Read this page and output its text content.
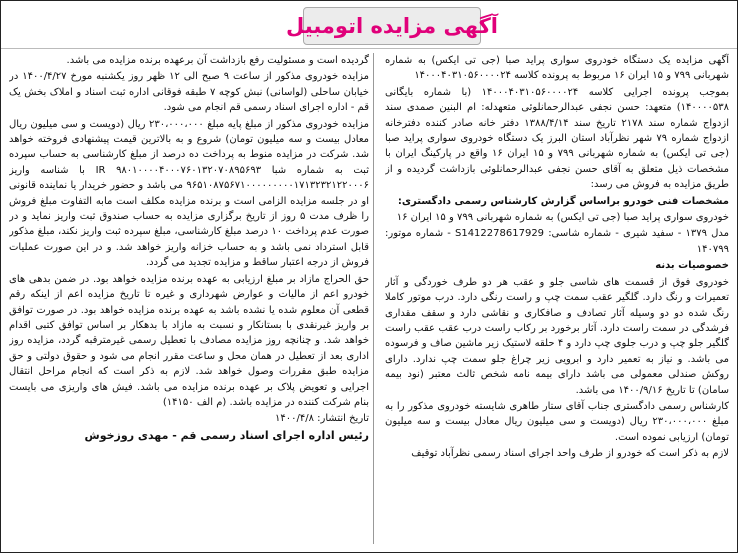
آگهی مزایده اتومبیل

آگهی مزایده یک دستگاه خودروی سواری پراید صبا (جی تی ایکس) به شماره شهربانی ۷۹۹ و ۱۵ ایران ۱۶ مربوط به پرونده کلاسه ۱۴۰۰۰۴۰۳۱۰۵۶۰۰۰۰۲۴

بموجب پرونده اجرایی کلاسه ۱۴۰۰۰۴۰۳۱۰۵۶۰۰۰۰۲۴ (با شماره بایگانی ۱۴۰۰۰۰۵۳۸) متعهد: حسن نجفی عبدالرحمانلوئی متعهدله: ام البنین صمدی سند ازدواج شماره سند ۲۱۷۸ تاریخ سند ۱۳۸۸/۴/۱۴ دفتر خانه صادر کننده دفترخانه ازدواج شماره ۷۹ شهر نظرآباد استان البرز یک دستگاه خودروی سواری پراید صبا (جی تی ایکس) به شماره شهربانی ۷۹۹ و ۱۵ ایران ۱۶ واقع در پارکینگ ایران با مشخصات ذیل متعلق به آقای حسن نجفی عبدالرحمانلوئی بازداشت گردیده و از طریق مزایده به فروش می رسد:

مشخصات فنی خودرو براساس گزارش کارشناس رسمی دادگستری:

خودروی سواری پراید صبا (جی تی ایکس) به شماره شهربانی ۷۹۹ و ۱۵ ایران ۱۶

مدل ۱۳۷۹ - سفید شیری - شماره شاسی: S1412278617929 - شماره موتور: ۱۴۰۷۹۹

خصوصیات بدنه

خودروی فوق از قسمت های شاسی جلو و عقب هر دو طرف خوردگی و آثار تعمیرات و رنگ دارد. گلگیر عقب سمت چپ و راست رنگی دارد. درب موتور کاملا رنگ شده دو دو وسیله آثار تصادف و صافکاری و نقاشی دارد و سقف مقداری فرشدگی در سمت راست دارد. آثار برخورد بر رکاب راست درب عقب عقب راست گلگیر جلو چپ و درب جلوی چپ دارد و ۴ حلقه لاستیک زیر ماشین صاف و فرسوده می باشد. و نیاز به تعمیر دارد و ابرویی زیر چراغ جلو سمت چپ ندارد. دارای روکش صندلی معمولی می باشد دارای بیمه نامه شخص ثالث معتبر (نود بیمه سامان) تا تاریخ ۱۴۰۰/۹/۱۶ می باشد.

کارشناس رسمی دادگستری جناب آقای ستار طاهری شایسته خودروی مذکور را به مبلغ ۲۳۰،۰۰۰،۰۰۰ ریال (دویست و سی میلیون ریال معادل بیست و سه میلیون تومان) ارزیابی نموده است.

لازم به ذکر است که خودرو از طرف واحد اجرای اسناد رسمی نظرآباد توقیف

گردیده است و مسئولیت رفع بازداشت آن برعهده برنده مزایده می باشد.

مزایده خودروی مذکور از ساعت ۹ صبح الی ۱۲ ظهر روز یکشنبه مورخ ۱۴۰۰/۴/۲۷ در خیابان ساحلی (لواسانی) نبش کوچه ۷ طبقه فوقانی اداره ثبت اسناد و املاک بخش یک قم - اداره اجرای اسناد رسمی قم انجام می شود.

مزایده خودروی مذکور از مبلغ پایه مبلغ ۲۳۰،۰۰۰،۰۰۰ ریال (دویست و سی میلیون ریال معادل بیست و سه میلیون تومان) شروع و به بالاترین قیمت پیشنهادی فروخته خواهد شد. شرکت در مزایده منوط به پرداخت ده درصد از مبلغ کارشناسی به حساب سپرده ثبت به شماره شبا IR ۹۸۰۱۰۰۰۰۴۰۰۰۷۶۰۱۳۲۰۷۰۸۹۵۶۹۳ با شناسه واریز ۹۶۵۱۰۸۷۵۶۷۱۰۰۰۰۰۰۰۰۰۱۷۱۳۲۳۲۱۲۲۰۰۰۶ می باشد و حضور خریدار یا نماینده قانونی او در جلسه مزایده الزامی است و برنده مزایده مکلف است مابه التفاوت مبلغ فروش را ظرف مدت ۵ روز از تاریخ برگزاری مزایده به حساب صندوق ثبت واریز نماید و در صورت عدم پرداخت ۱۰ درصد مبلغ کارشناسی، مبلغ سپرده ثبت واریز نکند، مبلغ مذکور قابل استرداد نمی باشد و به حساب خزانه واریز خواهد شد. و در این صورت عملیات فروش از درجه اعتبار ساقط و مزایده تجدید می گردد.

حق الحراج مازاد بر مبلغ ارزیابی به عهده برنده مزایده خواهد بود. در ضمن بدهی های خودرو اعم از مالیات و عوارض شهرداری و غیره تا تاریخ مزایده اعم از اینکه رقم قطعی آن معلوم شده یا نشده باشد به عهده برنده مزایده خواهد بود. در صورت توافق بر واریز غیرنقدی با بستانکار و نسبت به مازاد با بدهکار بر اساس توافق کتبی اقدام خواهد شد. و چنانچه روز مزایده مصادف با تعطیل رسمی غیرمترقبه گردد، مزایده روز اداری بعد از تعطیل در همان محل و ساعت مقرر انجام می شود و حقوق دولتی و حق مزایده طبق مقررات وصول خواهد شد. لازم به ذکر است که انجام مراحل انتقال اجرایی و تعویض پلاک بر عهده برنده مزایده می باشد. فیش های واریزی می بایست بنام شرکت کننده در مزایده باشد. (م الف ۱۴۱۵۰)

تاریخ انتشار: ۱۴۰۰/۴/۸

رئیس اداره اجرای اسناد رسمی قم - مهدی روزخوش
